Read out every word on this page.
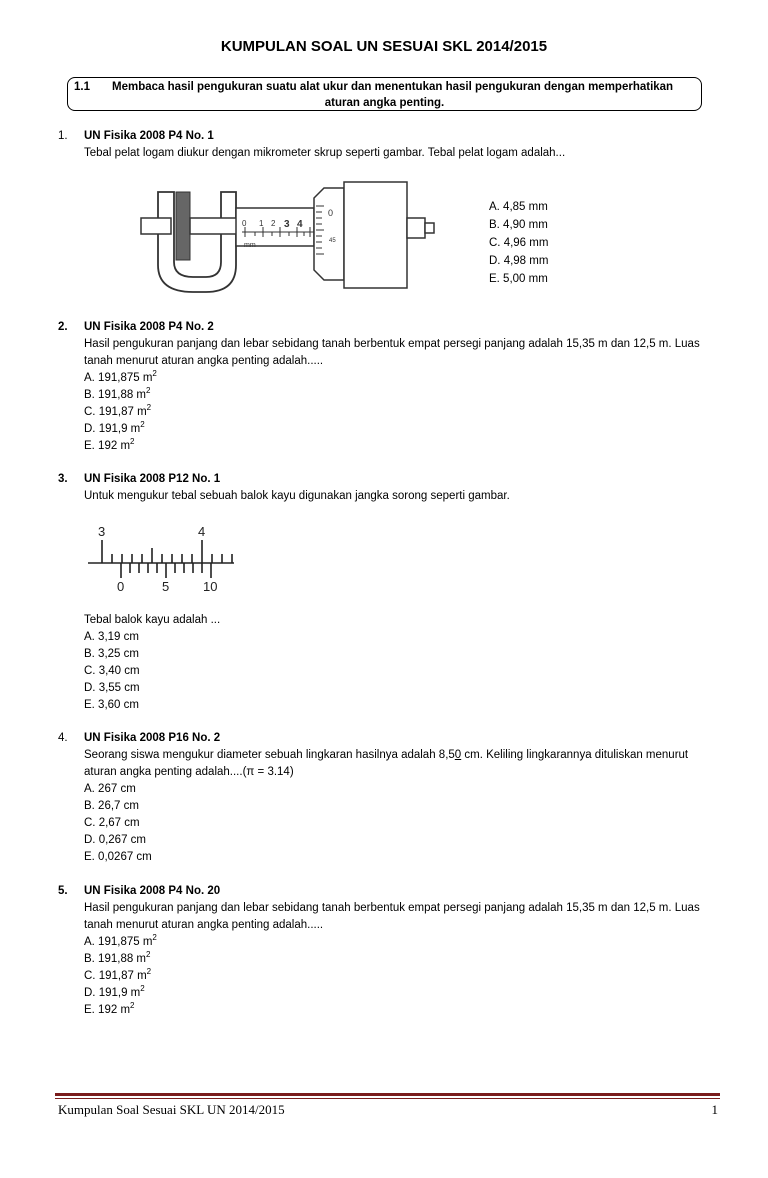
KUMPULAN SOAL UN SESUAI SKL 2014/2015
1.1 Membaca hasil pengukuran suatu alat ukur dan menentukan hasil pengukuran dengan memperhatikan
aturan angka penting.
1. UN Fisika 2008 P4 No. 1

Tebal pelat logam diukur dengan mikrometer skrup seperti gambar. Tebal pelat logam adalah...

0 1 2 3 4
mm
0
45
A. 4,85 mm
B. 4,90 mm
C. 4,96 mm
D. 4,98 mm
E. 5,00 mm
2. UN Fisika 2008 P4 No. 2

Hasil pengukuran panjang dan lebar sebidang tanah berbentuk empat persegi panjang adalah 15,35 m dan 12,5 m. Luas tanah menurut aturan angka penting adalah.....

A. 191,875 $m^2$
B. 191,88 $m^2$
C. 191,87 $m^2$
D. 191,9 $m^2$
E. 192 $m^2$
3. UN Fisika 2008 P12 No. 1

Untuk mengukur tebal sebuah balok kayu digunakan jangka sorong seperti gambar.

3	4
0	5	10

Tebal balok kayu adalah ...

A. 3,19 cm
B. 3,25 cm
C. 3,40 cm
D. 3,55 cm
E. 3,60 cm
4. UN Fisika 2008 P16 No. 2

Seorang siswa mengukur diameter sebuah lingkaran hasilnya adalah 8,50 cm. Keliling lingkarannya dituliskan menurut aturan angka penting adalah....(π = 3.14)

A. 267 cm
B. 26,7 cm
C. 2,67 cm
D. 0,267 cm
E. 0,0267 cm
5. UN Fisika 2008 P4 No. 20

Hasil pengukuran panjang dan lebar sebidang tanah berbentuk empat persegi panjang adalah 15,35 m dan 12,5 m. Luas tanah menurut aturan angka penting adalah.....

A. 191,875 $m^2$
B. 191,88 $m^2$
C. 191,87 $m^2$
D. 191,9 $m^2$
E. 192 $m^2$
Kumpulan Soal Sesuai SKL UN 2014/2015	1
